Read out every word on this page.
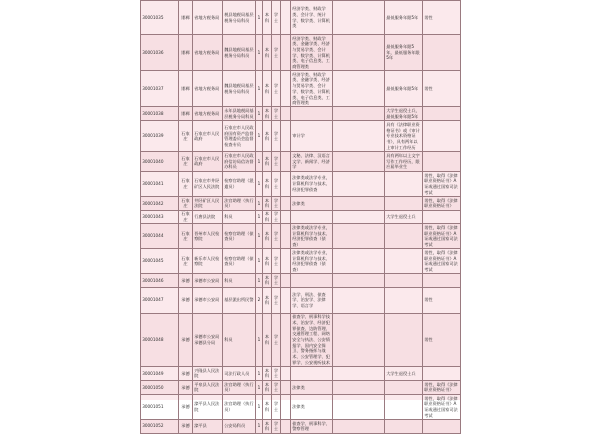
30001035	邯郸	省地方税务局	税县地税局基层税务分局科员	1	本科	学士		经济学类、财政学类、会计学、统计学、数学类、计算机类		最低服务年限5年	男性
30001036	邯郸	省地方税务局	魏县地税局基层税务分局科员	1	本科	学士		经济学类、财政学类、金融学类、经济与贸易学类、会计学、数学类、计算机类、电子信息类、工商管理类		最低服务年限5年，最低服务年限5年	
30001037	邯郸	省地方税务局	魏县地税局基层税务分局科员	1	本科	学士		经济学类、财政学类、金融学类、经济与贸易学类、会计学、数学类、计算机类、电子信息类、工商管理类		最低服务年限5年	男性
30001038	邯郸	省地方税务局	永年县地税局基层税务分局科员	1	本科	学士				大学生退役士兵，最低服务年限5年	
30001039	石家庄	石家庄市人民政府	石家庄市人民政府国有资产监督管理委员会监督检查专员	1	本科	学士		审计学		具有《法律职业资格证书》或《审计专业技术资格证书》，具有两年以上审计工作经历	
30001040	石家庄	石家庄市人民政府	石家庄市人民政府信访局信访督办科员	1	本科	学士		文秘、法律、汉语言文学、新闻学、经济学		具有两年以上文字写作工作经历，限应届毕业生	
30001041	石家庄	石家庄市井陉矿区人民法院	检察官助理（派遣员）	1	本科	学士		法律类或法学专业，计算机科学与技术、经济犯罪侦查			男性，取得《法律职业资格证书》A证或通过国家司法考试
30001042	石家庄	井陉矿区人民法院	法官助理（执行员）	1	本科	学士		法律类			男性，取得《法律职业资格证书》
30001043	石家庄	行唐县法院	科员	1	本科	学士				大学生退役士兵	
30001044	石家庄	晋州市人民检察院	检察官助理（侦查员）	1	本科	学士		法律类或法学专业，计算机科学与技术、经济犯罪侦查（侦查）			男性，取得《法律职业资格证书》A证或通过国家司法考试
30001045	石家庄	新乐市人民检察院	检察官助理（侦查员）	1	本科	学士		法律类或法学专业，计算机科学与技术、经济犯罪侦查（侦查）			男性，取得《法律职业资格证书》A证或通过国家司法考试
30001046	承德	承德市公安局	科员	1	本科	学士					
30001047	承德	承德市公安局	基层派出所民警	2	本科	学士		法学、刑法、侦查学、治安学、法律学、语言学			男性
30001048	承德	承德市公安局承德县分局	科员	1	本科	学士		侦查学、刑事科学技术、治安学、经济犯罪侦查、边防管理、交通管理工程、网络安全与执法、公安情报学、国内安全保卫、警务指挥与战术、公安管理学、犯罪学、公安视听技术			男性
30001049	承德	兴隆县人民法院	司法行政人员	1	本科	学士				大学生退役士兵	
30001050	承德	平泉县人民法院	法官助理（执行员）	1	本科	学士		法律类			男性，取得《法律职业资格证书》
30001051	承德	滦平县人民法院	法官助理（执行员）	1	本科	学士		法律类			男性，取得《法律职业资格证书》A证或通过国家司法考试
30001052	承德	滦平县	公安局科员	1	本科	学士		侦查学、刑事科学、警察管理			
